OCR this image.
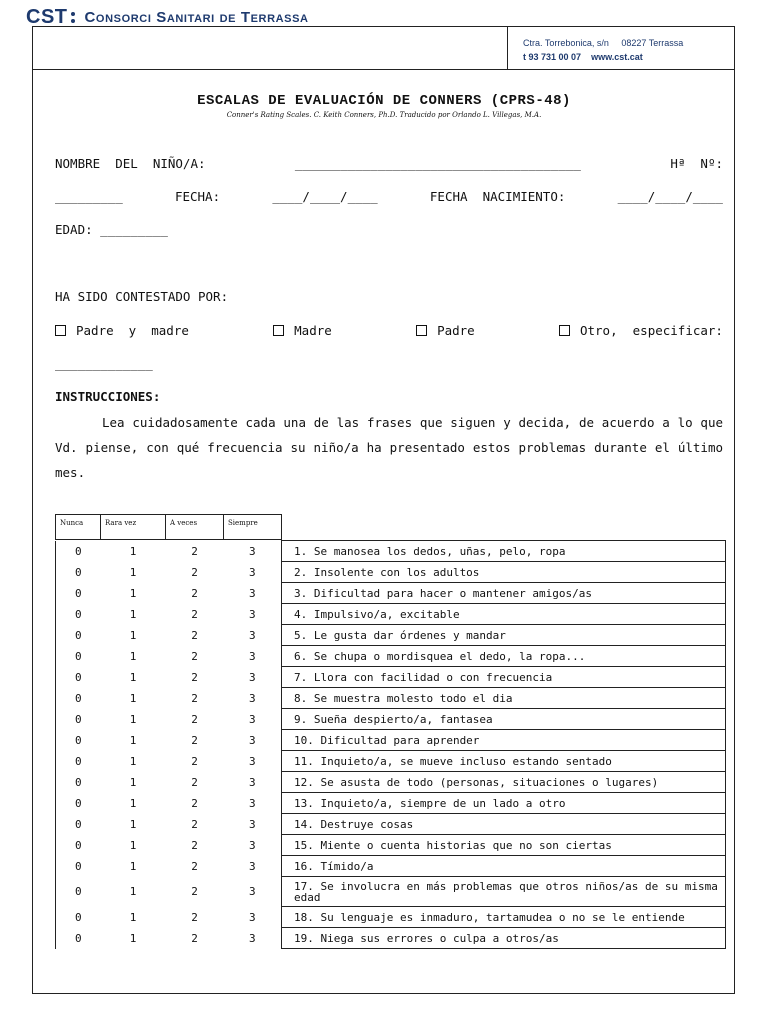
CST Consorci Sanitari de Terrassa
Ctra. Torrebonica, s/n     08227 Terrassa
t 93 731 00 07 www.cst.cat
ESCALAS DE EVALUACIÓN DE CONNERS (CPRS-48)
Conner's Rating Scales. C. Keith Conners, Ph.D. Traducido por Orlando L. Villegas, M.A.
NOMBRE  DEL  NIÑO/A:	______________________________________	Hª  Nº:
_________	FECHA:	____/____/____	FECHA  NACIMIENTO:	____/____/____
EDAD: _________
HA SIDO CONTESTADO POR:
Padre  y  madre	Madre	Padre	Otro,  especificar:
_____________
INSTRUCCIONES:
Lea cuidadosamente cada una de las frases que siguen y decida, de acuerdo a lo que Vd. piense, con qué frecuencia su niño/a ha presentado estos problemas durante el último mes.
Nunca	Rara vez	A veces	Siempre
0	1	2	3	1. Se manosea los dedos, uñas, pelo, ropa
0	1	2	3	2. Insolente con los adultos
0	1	2	3	3. Dificultad para hacer o mantener amigos/as
0	1	2	3	4. Impulsivo/a, excitable
0	1	2	3	5. Le gusta dar órdenes y mandar
0	1	2	3	6. Se chupa o mordisquea el dedo, la ropa...
0	1	2	3	7. Llora con facilidad o con frecuencia
0	1	2	3	8. Se muestra molesto todo el dia
0	1	2	3	9. Sueña despierto/a, fantasea
0	1	2	3	10. Dificultad para aprender
0	1	2	3	11. Inquieto/a, se mueve incluso estando sentado
0	1	2	3	12. Se asusta de todo (personas, situaciones o lugares)
0	1	2	3	13. Inquieto/a, siempre de un lado a otro
0	1	2	3	14. Destruye cosas
0	1	2	3	15. Miente o cuenta historias que no son ciertas
0	1	2	3	16. Tímido/a
0	1	2	3	17. Se involucra en más problemas que otros niños/as de su misma edad
0	1	2	3	18. Su lenguaje es inmaduro, tartamudea o no se le entiende
0	1	2	3	19. Niega sus errores o culpa a otros/as
